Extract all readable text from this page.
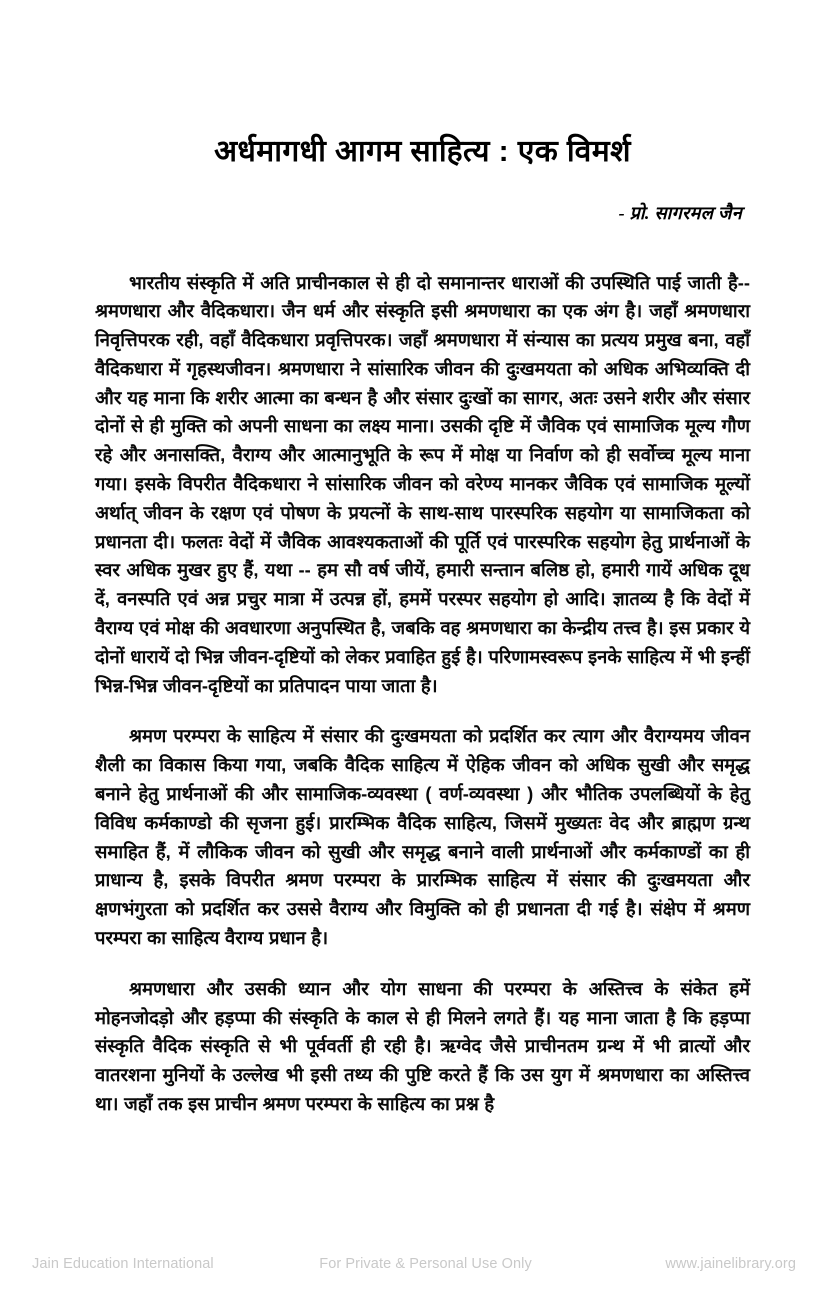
अर्धमागधी आगम साहित्य : एक विमर्श

- प्रो. सागरमल जैन

भारतीय संस्कृति में अति प्राचीनकाल से ही दो समानान्तर धाराओं की उपस्थिति पाई जाती है-- श्रमणधारा और वैदिकधारा। जैन धर्म और संस्कृति इसी श्रमणधारा का एक अंग है। जहाँ श्रमणधारा निवृत्तिपरक रही, वहाँ वैदिकधारा प्रवृत्तिपरक। जहाँ श्रमणधारा में संन्यास का प्रत्यय प्रमुख बना, वहाँ वैदिकधारा में गृहस्थजीवन। श्रमणधारा ने सांसारिक जीवन की दुःखमयता को अधिक अभिव्यक्ति दी और यह माना कि शरीर आत्मा का बन्धन है और संसार दुःखों का सागर, अतः उसने शरीर और संसार दोनों से ही मुक्ति को अपनी साधना का लक्ष्य माना। उसकी दृष्टि में जैविक एवं सामाजिक मूल्य गौण रहे और अनासक्ति, वैराग्य और आत्मानुभूति के रूप में मोक्ष या निर्वाण को ही सर्वोच्च मूल्य माना गया। इसके विपरीत वैदिकधारा ने सांसारिक जीवन को वरेण्य मानकर जैविक एवं सामाजिक मूल्यों अर्थात् जीवन के रक्षण एवं पोषण के प्रयत्नों के साथ-साथ पारस्परिक सहयोग या सामाजिकता को प्रधानता दी। फलतः वेदों में जैविक आवश्यकताओं की पूर्ति एवं पारस्परिक सहयोग हेतु प्रार्थनाओं के स्वर अधिक मुखर हुए हैं, यथा -- हम सौ वर्ष जीयें, हमारी सन्तान बलिष्ठ हो, हमारी गायें अधिक दूध दें, वनस्पति एवं अन्न प्रचुर मात्रा में उत्पन्न हों, हममें परस्पर सहयोग हो आदि। ज्ञातव्य है कि वेदों में वैराग्य एवं मोक्ष की अवधारणा अनुपस्थित है, जबकि वह श्रमणधारा का केन्द्रीय तत्त्व है। इस प्रकार ये दोनों धारायें दो भिन्न जीवन-दृष्टियों को लेकर प्रवाहित हुई है। परिणामस्वरूप इनके साहित्य में भी इन्हीं भिन्न-भिन्न जीवन-दृष्टियों का प्रतिपादन पाया जाता है।

श्रमण परम्परा के साहित्य में संसार की दुःखमयता को प्रदर्शित कर त्याग और वैराग्यमय जीवन शैली का विकास किया गया, जबकि वैदिक साहित्य में ऐहिक जीवन को अधिक सुखी और समृद्ध बनाने हेतु प्रार्थनाओं की और सामाजिक-व्यवस्था ( वर्ण-व्यवस्था ) और भौतिक उपलब्धियों के हेतु विविध कर्मकाण्डो की सृजना हुई। प्रारम्भिक वैदिक साहित्य, जिसमें मुख्यतः वेद और ब्राह्मण ग्रन्थ समाहित हैं, में लौकिक जीवन को सुखी और समृद्ध बनाने वाली प्रार्थनाओं और कर्मकाण्डों का ही प्राधान्य है, इसके विपरीत श्रमण परम्परा के प्रारम्भिक साहित्य में संसार की दुःखमयता और क्षणभंगुरता को प्रदर्शित कर उससे वैराग्य और विमुक्ति को ही प्रधानता दी गई है। संक्षेप में श्रमण परम्परा का साहित्य वैराग्य प्रधान है।

श्रमणधारा और उसकी ध्यान और योग साधना की परम्परा के अस्तित्त्व के संकेत हमें मोहनजोदड़ो और हड़प्पा की संस्कृति के काल से ही मिलने लगते हैं। यह माना जाता है कि हड़प्पा संस्कृति वैदिक संस्कृति से भी पूर्ववर्ती ही रही है। ऋग्वेद जैसे प्राचीनतम ग्रन्थ में भी व्रात्यों और वातरशना मुनियों के उल्लेख भी इसी तथ्य की पुष्टि करते हैं कि उस युग में श्रमणधारा का अस्तित्त्व था। जहाँ तक इस प्राचीन श्रमण परम्परा के साहित्य का प्रश्न है

Jain Education International	For Private & Personal Use Only	www.jainelibrary.org
